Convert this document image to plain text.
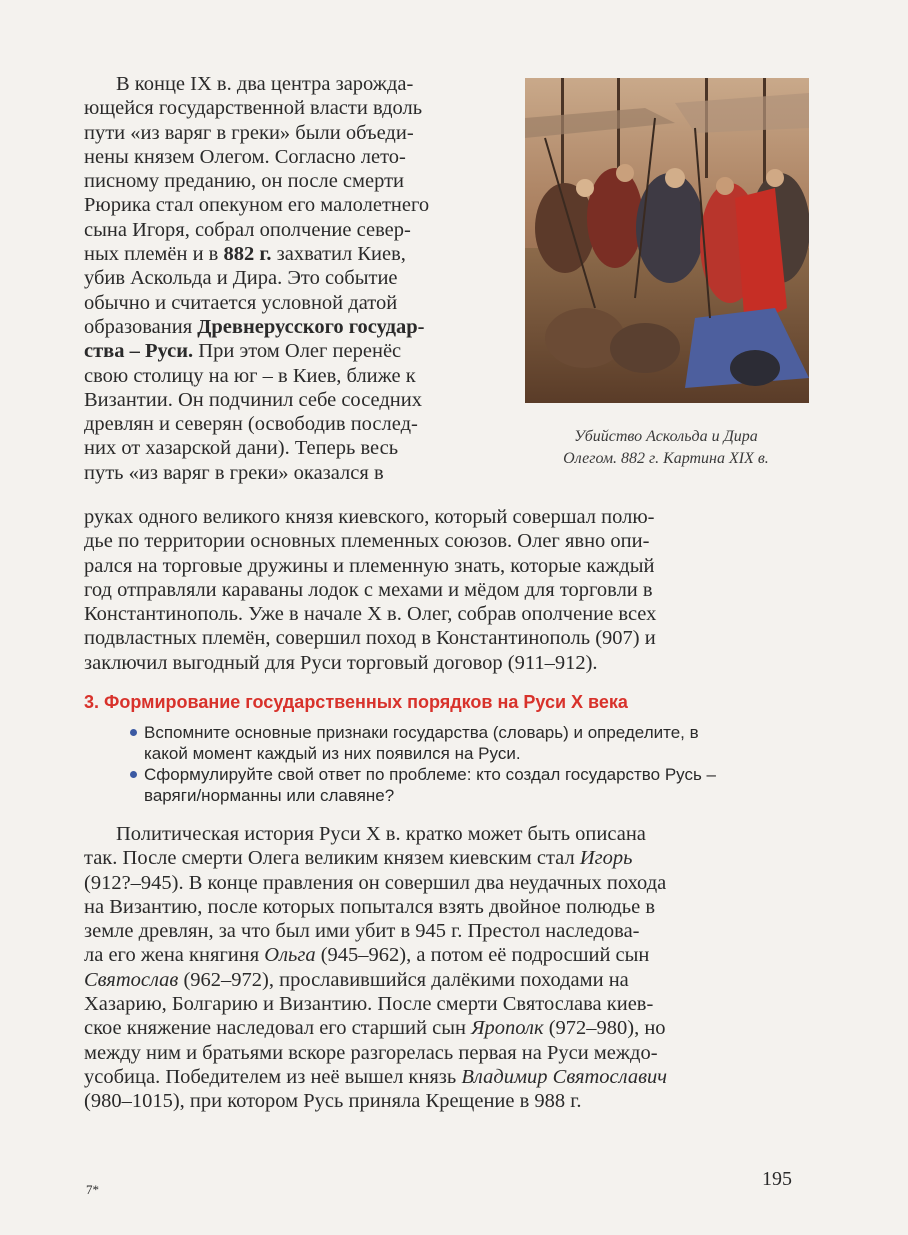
В конце IX в. два центра зарожда-
ющейся государственной власти вдоль
пути «из варяг в греки» были объеди-
нены князем Олегом. Согласно лето-
писному преданию, он после смерти
Рюрика стал опекуном его малолетнего
сына Игоря, собрал ополчение север-
ных племён и в 882 г. захватил Киев,
убив Аскольда и Дира. Это событие
обычно и считается условной датой
образования Древнерусского государ-
ства – Руси. При этом Олег перенёс
свою столицу на юг – в Киев, ближе к
Византии. Он подчинил себе соседних
древлян и северян (освободив послед-
них от хазарской дани). Теперь весь
путь «из варяг в греки» оказался в
Убийство Аскольда и Дира
Олегом. 882 г. Картина XIX в.
руках одного великого князя киевского, который совершал полю-
дье по территории основных племенных союзов. Олег явно опи-
рался на торговые дружины и племенную знать, которые каждый
год отправляли караваны лодок с мехами и мёдом для торговли в
Константинополь. Уже в начале X в. Олег, собрав ополчение всех
подвластных племён, совершил поход в Константинополь (907) и
заключил выгодный для Руси торговый договор (911–912).
3. Формирование государственных порядков на Руси X века
Вспомните основные признаки государства (словарь) и определите, в
какой момент каждый из них появился на Руси.
Сформулируйте свой ответ по проблеме: кто создал государство Русь –
варяги/норманны или славяне?
Политическая история Руси X в. кратко может быть описана
так. После смерти Олега великим князем киевским стал Игорь
(912?–945). В конце правления он совершил два неудачных похода
на Византию, после которых попытался взять двойное полюдье в
земле древлян, за что был ими убит в 945 г. Престол наследова-
ла его жена княгиня Ольга (945–962), а потом её подросший сын
Святослав (962–972), прославившийся далёкими походами на
Хазарию, Болгарию и Византию. После смерти Святослава киев-
ское княжение наследовал его старший сын Ярополк (972–980), но
между ним и братьями вскоре разгорелась первая на Руси междо-
усобица. Победителем из неё вышел князь Владимир Святославич
(980–1015), при котором Русь приняла Крещение в 988 г.
195
7*
